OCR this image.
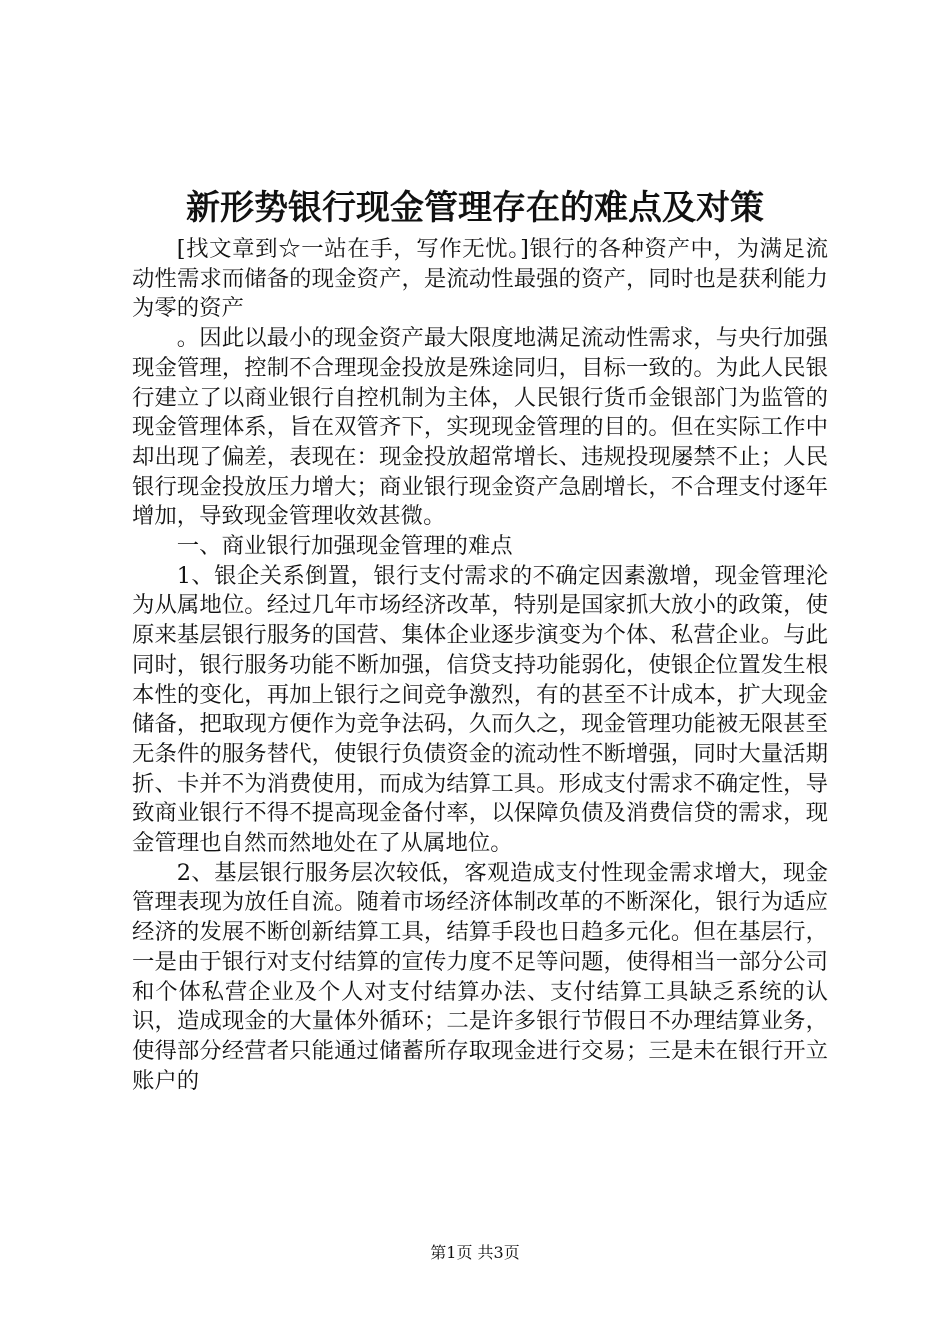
新形势银行现金管理存在的难点及对策

[找文章到☆一站在手，写作无忧。]银行的各种资产中，为满足流动性需求而储备的现金资产，是流动性最强的资产，同时也是获利能力为零的资产

。因此以最小的现金资产最大限度地满足流动性需求，与央行加强现金管理，控制不合理现金投放是殊途同归，目标一致的。为此人民银行建立了以商业银行自控机制为主体，人民银行货币金银部门为监管的现金管理体系，旨在双管齐下，实现现金管理的目的。但在实际工作中却出现了偏差，表现在：现金投放超常增长、违规投现屡禁不止；人民银行现金投放压力增大；商业银行现金资产急剧增长，不合理支付逐年增加，导致现金管理收效甚微。

一、商业银行加强现金管理的难点

1、银企关系倒置，银行支付需求的不确定因素激增，现金管理沦为从属地位。经过几年市场经济改革，特别是国家抓大放小的政策，使原来基层银行服务的国营、集体企业逐步演变为个体、私营企业。与此同时，银行服务功能不断加强，信贷支持功能弱化，使银企位置发生根本性的变化，再加上银行之间竞争激烈，有的甚至不计成本，扩大现金储备，把取现方便作为竞争法码，久而久之，现金管理功能被无限甚至无条件的服务替代，使银行负债资金的流动性不断增强，同时大量活期折、卡并不为消费使用，而成为结算工具。形成支付需求不确定性，导致商业银行不得不提高现金备付率，以保障负债及消费信贷的需求，现金管理也自然而然地处在了从属地位。

2、基层银行服务层次较低，客观造成支付性现金需求增大，现金管理表现为放任自流。随着市场经济体制改革的不断深化，银行为适应经济的发展不断创新结算工具，结算手段也日趋多元化。但在基层行，一是由于银行对支付结算的宣传力度不足等问题，使得相当一部分公司和个体私营企业及个人对支付结算办法、支付结算工具缺乏系统的认识，造成现金的大量体外循环；二是许多银行节假日不办理结算业务，使得部分经营者只能通过储蓄所存取现金进行交易；三是未在银行开立账户的

第1页 共3页
